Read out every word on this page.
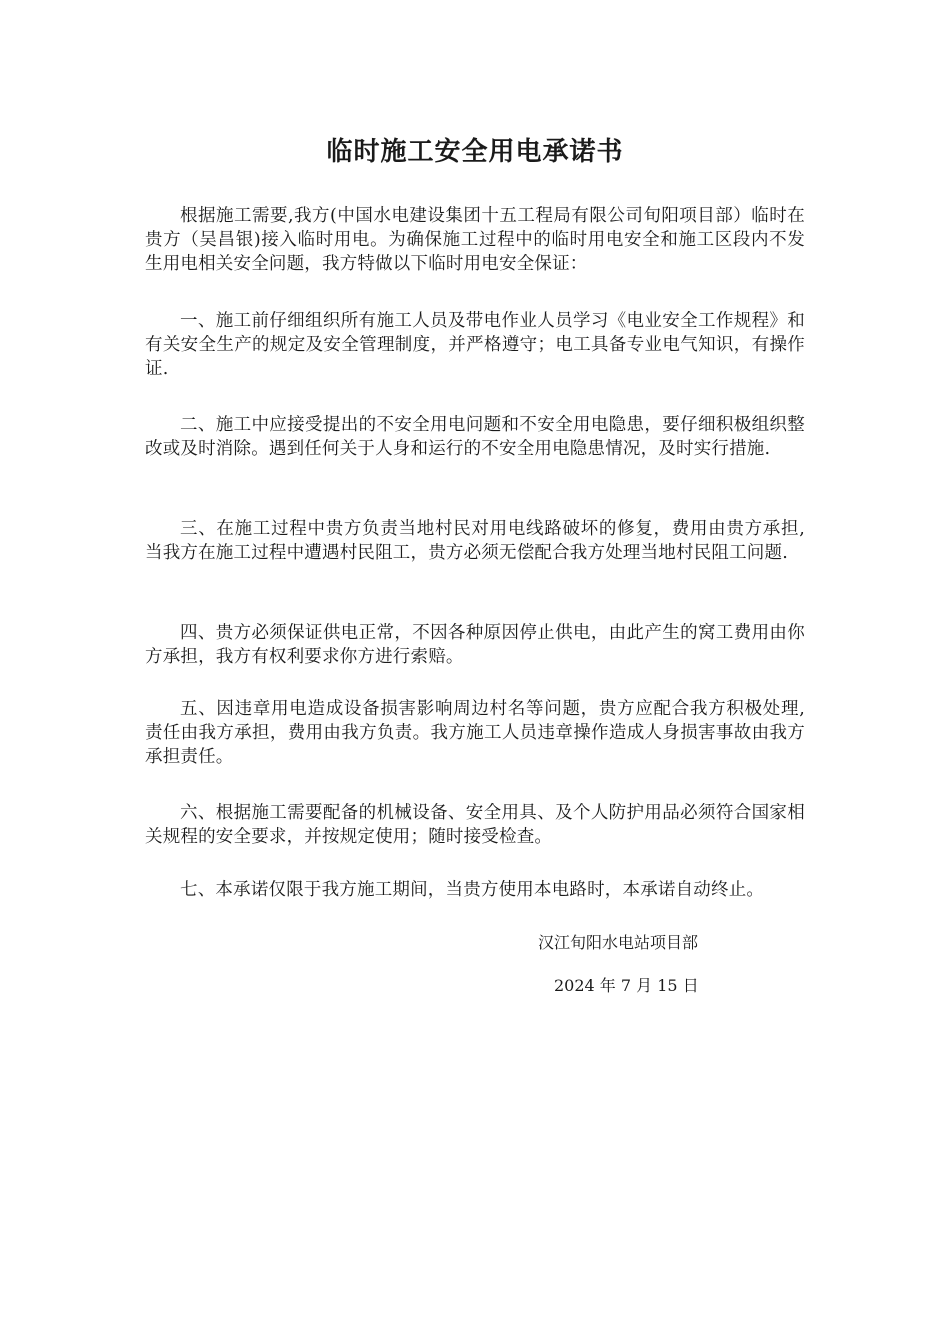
临时施工安全用电承诺书

根据施工需要,我方(中国水电建设集团十五工程局有限公司旬阳项目部）临时在贵方（吴昌银)接入临时用电。为确保施工过程中的临时用电安全和施工区段内不发生用电相关安全问题，我方特做以下临时用电安全保证：

一、施工前仔细组织所有施工人员及带电作业人员学习《电业安全工作规程》和有关安全生产的规定及安全管理制度，并严格遵守；电工具备专业电气知识，有操作证.

二、施工中应接受提出的不安全用电问题和不安全用电隐患，要仔细积极组织整改或及时消除。遇到任何关于人身和运行的不安全用电隐患情况，及时实行措施.

三、在施工过程中贵方负责当地村民对用电线路破坏的修复，费用由贵方承担,当我方在施工过程中遭遇村民阻工，贵方必须无偿配合我方处理当地村民阻工问题.

四、贵方必须保证供电正常，不因各种原因停止供电，由此产生的窝工费用由你方承担，我方有权利要求你方进行索赔。

五、因违章用电造成设备损害影响周边村名等问题，贵方应配合我方积极处理,责任由我方承担，费用由我方负责。我方施工人员违章操作造成人身损害事故由我方承担责任。

六、根据施工需要配备的机械设备、安全用具、及个人防护用品必须符合国家相关规程的安全要求，并按规定使用；随时接受检查。

七、本承诺仅限于我方施工期间，当贵方使用本电路时，本承诺自动终止。

汉江旬阳水电站项目部
2024 年 7 月 15 日
